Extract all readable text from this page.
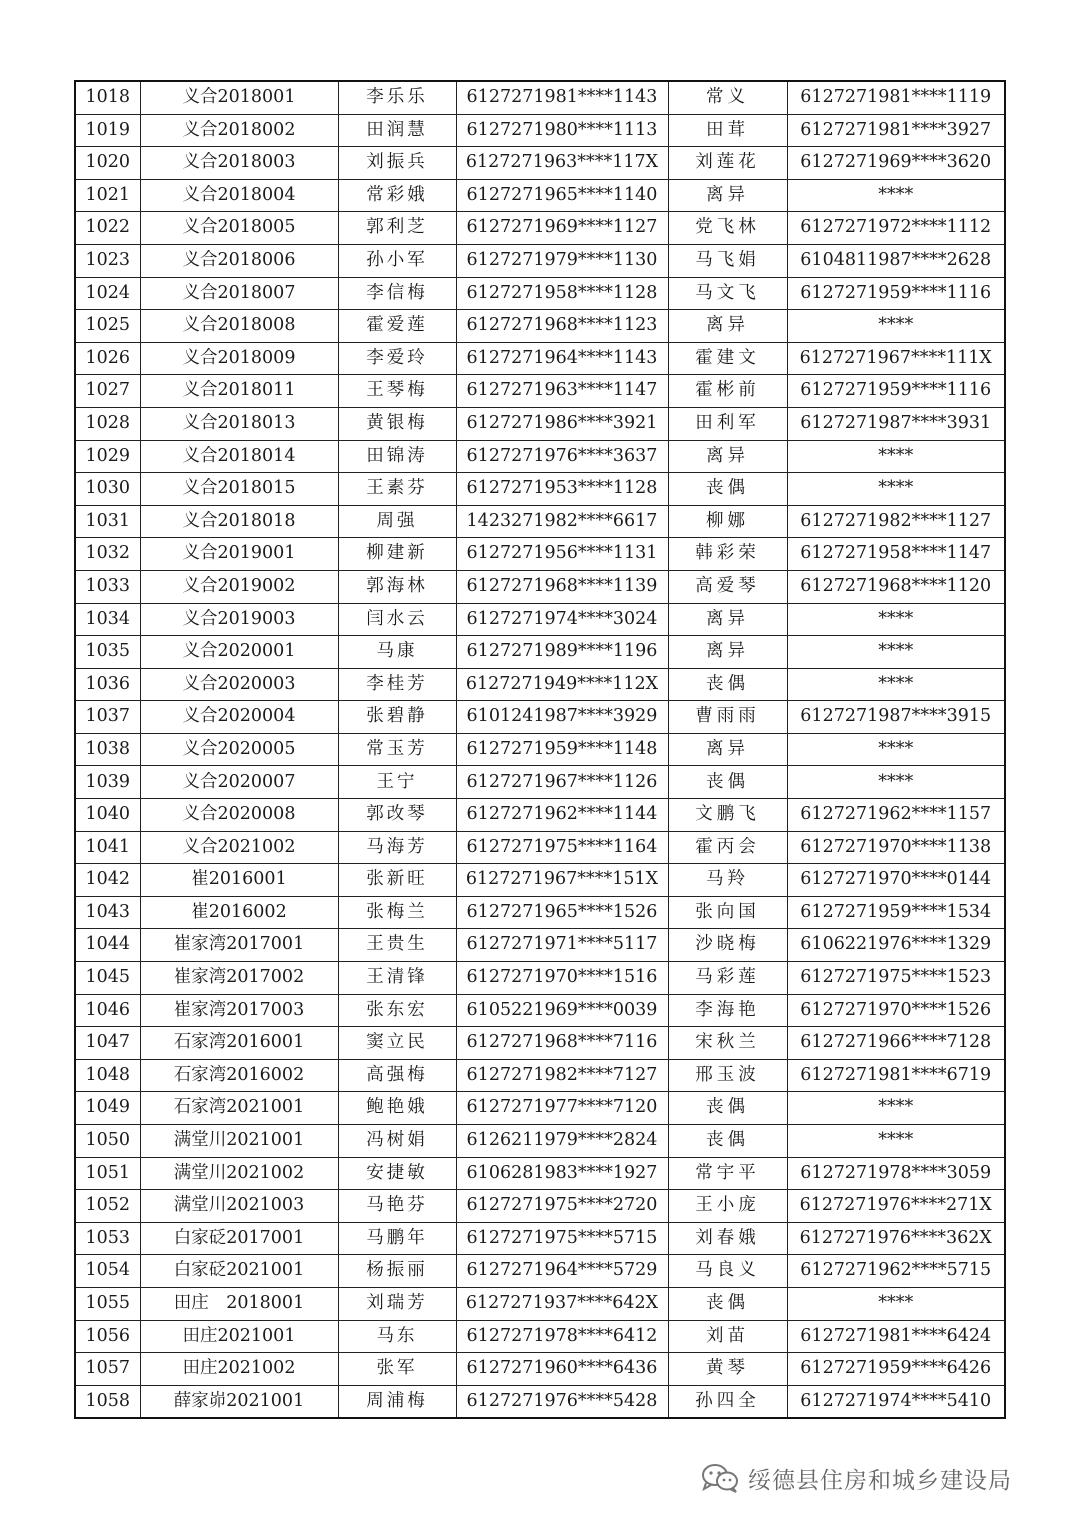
1018	义合2018001	李乐乐	6127271981****1143	常义	6127271981****1119
1019	义合2018002	田润慧	6127271980****1113	田茸	6127271981****3927
1020	义合2018003	刘振兵	6127271963****117X	刘莲花	6127271969****3620
1021	义合2018004	常彩娥	6127271965****1140	离异	****
1022	义合2018005	郭利芝	6127271969****1127	党飞林	6127271972****1112
1023	义合2018006	孙小军	6127271979****1130	马飞娟	6104811987****2628
1024	义合2018007	李信梅	6127271958****1128	马文飞	6127271959****1116
1025	义合2018008	霍爱莲	6127271968****1123	离异	****
1026	义合2018009	李爱玲	6127271964****1143	霍建文	6127271967****111X
1027	义合2018011	王琴梅	6127271963****1147	霍彬前	6127271959****1116
1028	义合2018013	黄银梅	6127271986****3921	田利军	6127271987****3931
1029	义合2018014	田锦涛	6127271976****3637	离异	****
1030	义合2018015	王素芬	6127271953****1128	丧偶	****
1031	义合2018018	周强	1423271982****6617	柳娜	6127271982****1127
1032	义合2019001	柳建新	6127271956****1131	韩彩荣	6127271958****1147
1033	义合2019002	郭海林	6127271968****1139	高爱琴	6127271968****1120
1034	义合2019003	闫水云	6127271974****3024	离异	****
1035	义合2020001	马康	6127271989****1196	离异	****
1036	义合2020003	李桂芳	6127271949****112X	丧偶	****
1037	义合2020004	张碧静	6101241987****3929	曹雨雨	6127271987****3915
1038	义合2020005	常玉芳	6127271959****1148	离异	****
1039	义合2020007	王宁	6127271967****1126	丧偶	****
1040	义合2020008	郭改琴	6127271962****1144	文鹏飞	6127271962****1157
1041	义合2021002	马海芳	6127271975****1164	霍丙会	6127271970****1138
1042	崔2016001	张新旺	6127271967****151X	马羚	6127271970****0144
1043	崔2016002	张梅兰	6127271965****1526	张向国	6127271959****1534
1044	崔家湾2017001	王贵生	6127271971****5117	沙晓梅	6106221976****1329
1045	崔家湾2017002	王清锋	6127271970****1516	马彩莲	6127271975****1523
1046	崔家湾2017003	张东宏	6105221969****0039	李海艳	6127271970****1526
1047	石家湾2016001	窦立民	6127271968****7116	宋秋兰	6127271966****7128
1048	石家湾2016002	高强梅	6127271982****7127	邢玉波	6127271981****6719
1049	石家湾2021001	鲍艳娥	6127271977****7120	丧偶	****
1050	满堂川2021001	冯树娟	6126211979****2824	丧偶	****
1051	满堂川2021002	安捷敏	6106281983****1927	常宇平	6127271978****3059
1052	满堂川2021003	马艳芬	6127271975****2720	王小庞	6127271976****271X
1053	白家砭2017001	马鹏年	6127271975****5715	刘春娥	6127271976****362X
1054	白家砭2021001	杨振丽	6127271964****5729	马良义	6127271962****5715
1055	田庄　2018001	刘瑞芳	6127271937****642X	丧偶	****
1056	田庄2021001	马东	6127271978****6412	刘苗	6127271981****6424
1057	田庄2021002	张军	6127271960****6436	黄琴	6127271959****6426
1058	薛家峁2021001	周浦梅	6127271976****5428	孙四全	6127271974****5410
绥德县住房和城乡建设局
